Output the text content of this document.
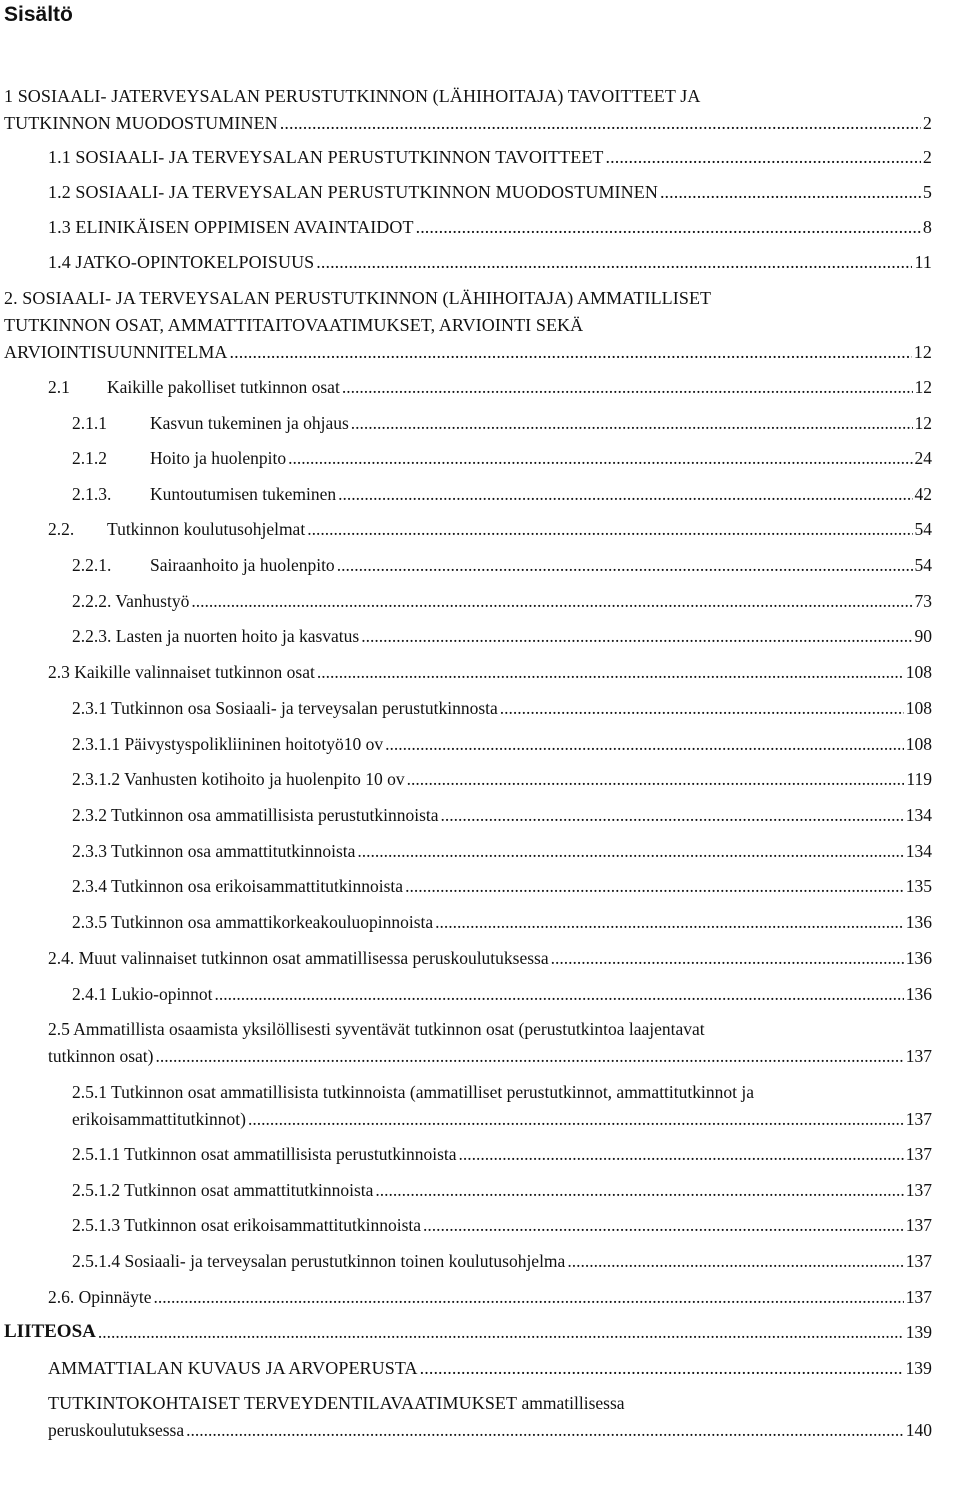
Sisältö
1 SOSIAALI- JATERVEYSALAN PERUSTUTKINNON (LÄHIHOITAJA) TAVOITTEET JA
TUTKINNON MUODOSTUMINEN .....	2
1.1 SOSIAALI- JA TERVEYSALAN PERUSTUTKINNON TAVOITTEET .....	2
1.2 SOSIAALI- JA TERVEYSALAN PERUSTUTKINNON MUODOSTUMINEN .....	5
1.3 ELINIKÄISEN OPPIMISEN AVAINTAIDOT .....	8
1.4 JATKO-OPINTOKELPOISUUS .....	11
2. SOSIAALI- JA TERVEYSALAN PERUSTUTKINNON (LÄHIHOITAJA) AMMATILLISET
TUTKINNON OSAT, AMMATTITAITOVAATIMUKSET, ARVIOINTI SEKÄ
ARVIOINTISUUNNITELMA .....	12
2.1 Kaikille pakolliset tutkinnon osat .....	12
2.1.1 Kasvun tukeminen ja ohjaus .....	12
2.1.2 Hoito ja huolenpito .....	24
2.1.3. Kuntoutumisen tukeminen .....	42
2.2. Tutkinnon koulutusohjelmat .....	54
2.2.1. Sairaanhoito ja huolenpito .....	54
2.2.2. Vanhustyö .....	73
2.2.3. Lasten ja nuorten hoito ja kasvatus .....	90
2.3 Kaikille valinnaiset tutkinnon osat .....	108
2.3.1 Tutkinnon osa Sosiaali- ja terveysalan perustutkinnosta .....	108
2.3.1.1 Päivystyspolikliininen hoitotyö10 ov .....	108
2.3.1.2 Vanhusten kotihoito ja huolenpito 10 ov .....	119
2.3.2 Tutkinnon osa ammatillisista perustutkinnoista .....	134
2.3.3 Tutkinnon osa ammattitutkinnoista .....	134
2.3.4 Tutkinnon osa erikoisammattitutkinnoista .....	135
2.3.5 Tutkinnon osa ammattikorkeakouluopinnoista .....	136
2.4. Muut valinnaiset tutkinnon osat ammatillisessa peruskoulutuksessa .....	136
2.4.1 Lukio-opinnot .....	136
2.5 Ammatillista osaamista yksilöllisesti syventävät tutkinnon osat (perustutkintoa laajentavat
tutkinnon osat) .....	137
2.5.1 Tutkinnon osat ammatillisista tutkinnoista (ammatilliset perustutkinnot, ammattitutkinnot ja
erikoisammattitutkinnot) .....	137
2.5.1.1 Tutkinnon osat ammatillisista perustutkinnoista .....	137
2.5.1.2 Tutkinnon osat ammattitutkinnoista .....	137
2.5.1.3 Tutkinnon osat erikoisammattitutkinnoista .....	137
2.5.1.4 Sosiaali- ja terveysalan perustutkinnon toinen koulutusohjelma .....	137
2.6. Opinnäyte .....	137
LIITEOSA .....	139
AMMATTIALAN KUVAUS JA ARVOPERUSTA .....	139
TUTKINTOKOHTAISET TERVEYDENTILAVAATIMUKSET ammatillisessa
peruskoulutuksessa .....	140
